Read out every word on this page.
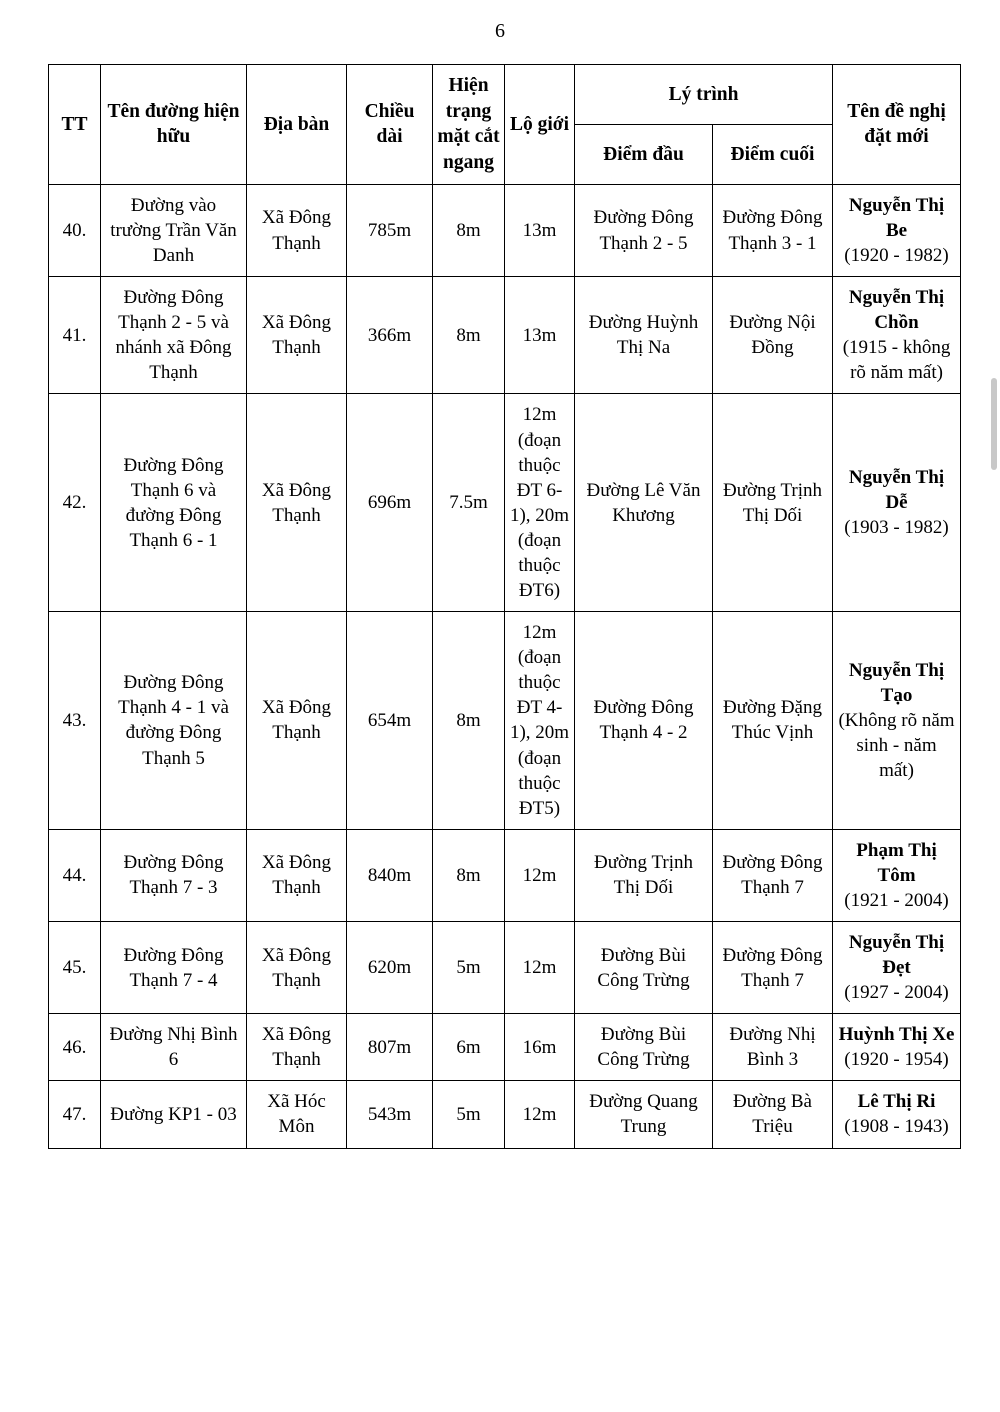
6
TT	Tên đường hiện hữu	Địa bàn	Chiều dài	Hiện trạng mặt cắt ngang	Lộ giới	Lý trình		Tên đề nghị đặt mới
						Điểm đầu	Điểm cuối	
40.	Đường vào trường Trần Văn Danh	Xã Đông Thạnh	785m	8m	13m	Đường Đông Thạnh 2 - 5	Đường Đông Thạnh 3 - 1	Nguyễn Thị Be
(1920 - 1982)

41.	Đường Đông Thạnh 2 - 5 và nhánh xã Đông Thạnh	Xã Đông Thạnh	366m	8m	13m	Đường Huỳnh Thị Na	Đường Nội Đồng	Nguyễn Thị Chồn
(1915 - không rõ năm mất)

42.	Đường Đông Thạnh 6 và đường Đông Thạnh 6 - 1	Xã Đông Thạnh	696m	7.5m	12m (đoạn thuộc ĐT 6-1), 20m (đoạn thuộc ĐT6)	Đường Lê Văn Khương	Đường Trịnh Thị Dối	Nguyễn Thị Dễ
(1903 - 1982)

43.	Đường Đông Thạnh 4 - 1 và đường Đông Thạnh 5	Xã Đông Thạnh	654m	8m	12m (đoạn thuộc ĐT 4-1), 20m (đoạn thuộc ĐT5)	Đường Đông Thạnh 4 - 2	Đường Đặng Thúc Vịnh	Nguyễn Thị Tạo
(Không rõ năm sinh - năm mất)

44.	Đường Đông Thạnh 7 - 3	Xã Đông Thạnh	840m	8m	12m	Đường Trịnh Thị Dối	Đường Đông Thạnh 7	Phạm Thị Tôm
(1921 - 2004)

45.	Đường Đông Thạnh 7 - 4	Xã Đông Thạnh	620m	5m	12m	Đường Bùi Công Trừng	Đường Đông Thạnh 7	Nguyễn Thị Đẹt
(1927 - 2004)

46.	Đường Nhị Bình 6	Xã Đông Thạnh	807m	6m	16m	Đường Bùi Công Trừng	Đường Nhị Bình 3	Huỳnh Thị Xe
(1920 - 1954)

47.	Đường KP1 - 03	Xã Hóc Môn	543m	5m	12m	Đường Quang Trung	Đường Bà Triệu	Lê Thị Ri
(1908 - 1943)
